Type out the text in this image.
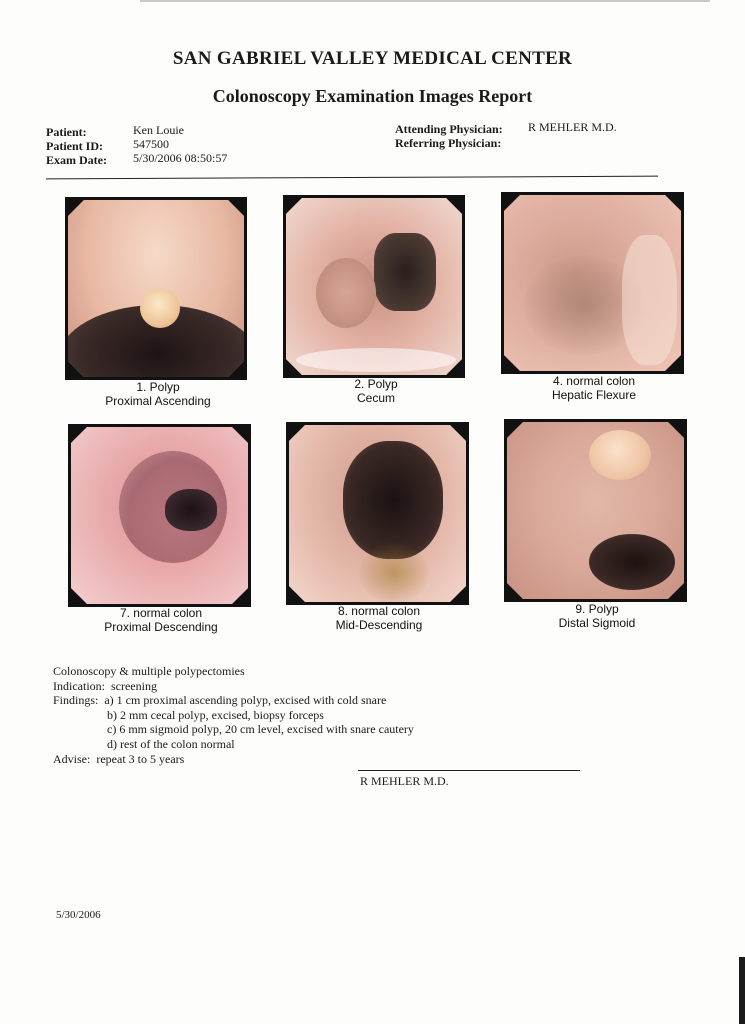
SAN GABRIEL VALLEY MEDICAL CENTER
Colonoscopy Examination Images Report
Patient:
Patient ID:
Exam Date:
Ken Louie
547500
5/30/2006 08:50:57
Attending Physician:
Referring Physician:
R MEHLER M.D.
1. Polyp
Proximal Ascending
2. Polyp
Cecum
4. normal colon
Hepatic Flexure
7. normal colon
Proximal Descending
8. normal colon
Mid-Descending
9. Polyp
Distal Sigmoid
Colonoscopy & multiple polypectomies
Indication: screening
Findings: a) 1 cm proximal ascending polyp, excised with cold snare
b) 2 mm cecal polyp, excised, biopsy forceps
c) 6 mm sigmoid polyp, 20 cm level, excised with snare cautery
d) rest of the colon normal
Advise: repeat 3 to 5 years
R MEHLER M.D.
5/30/2006
